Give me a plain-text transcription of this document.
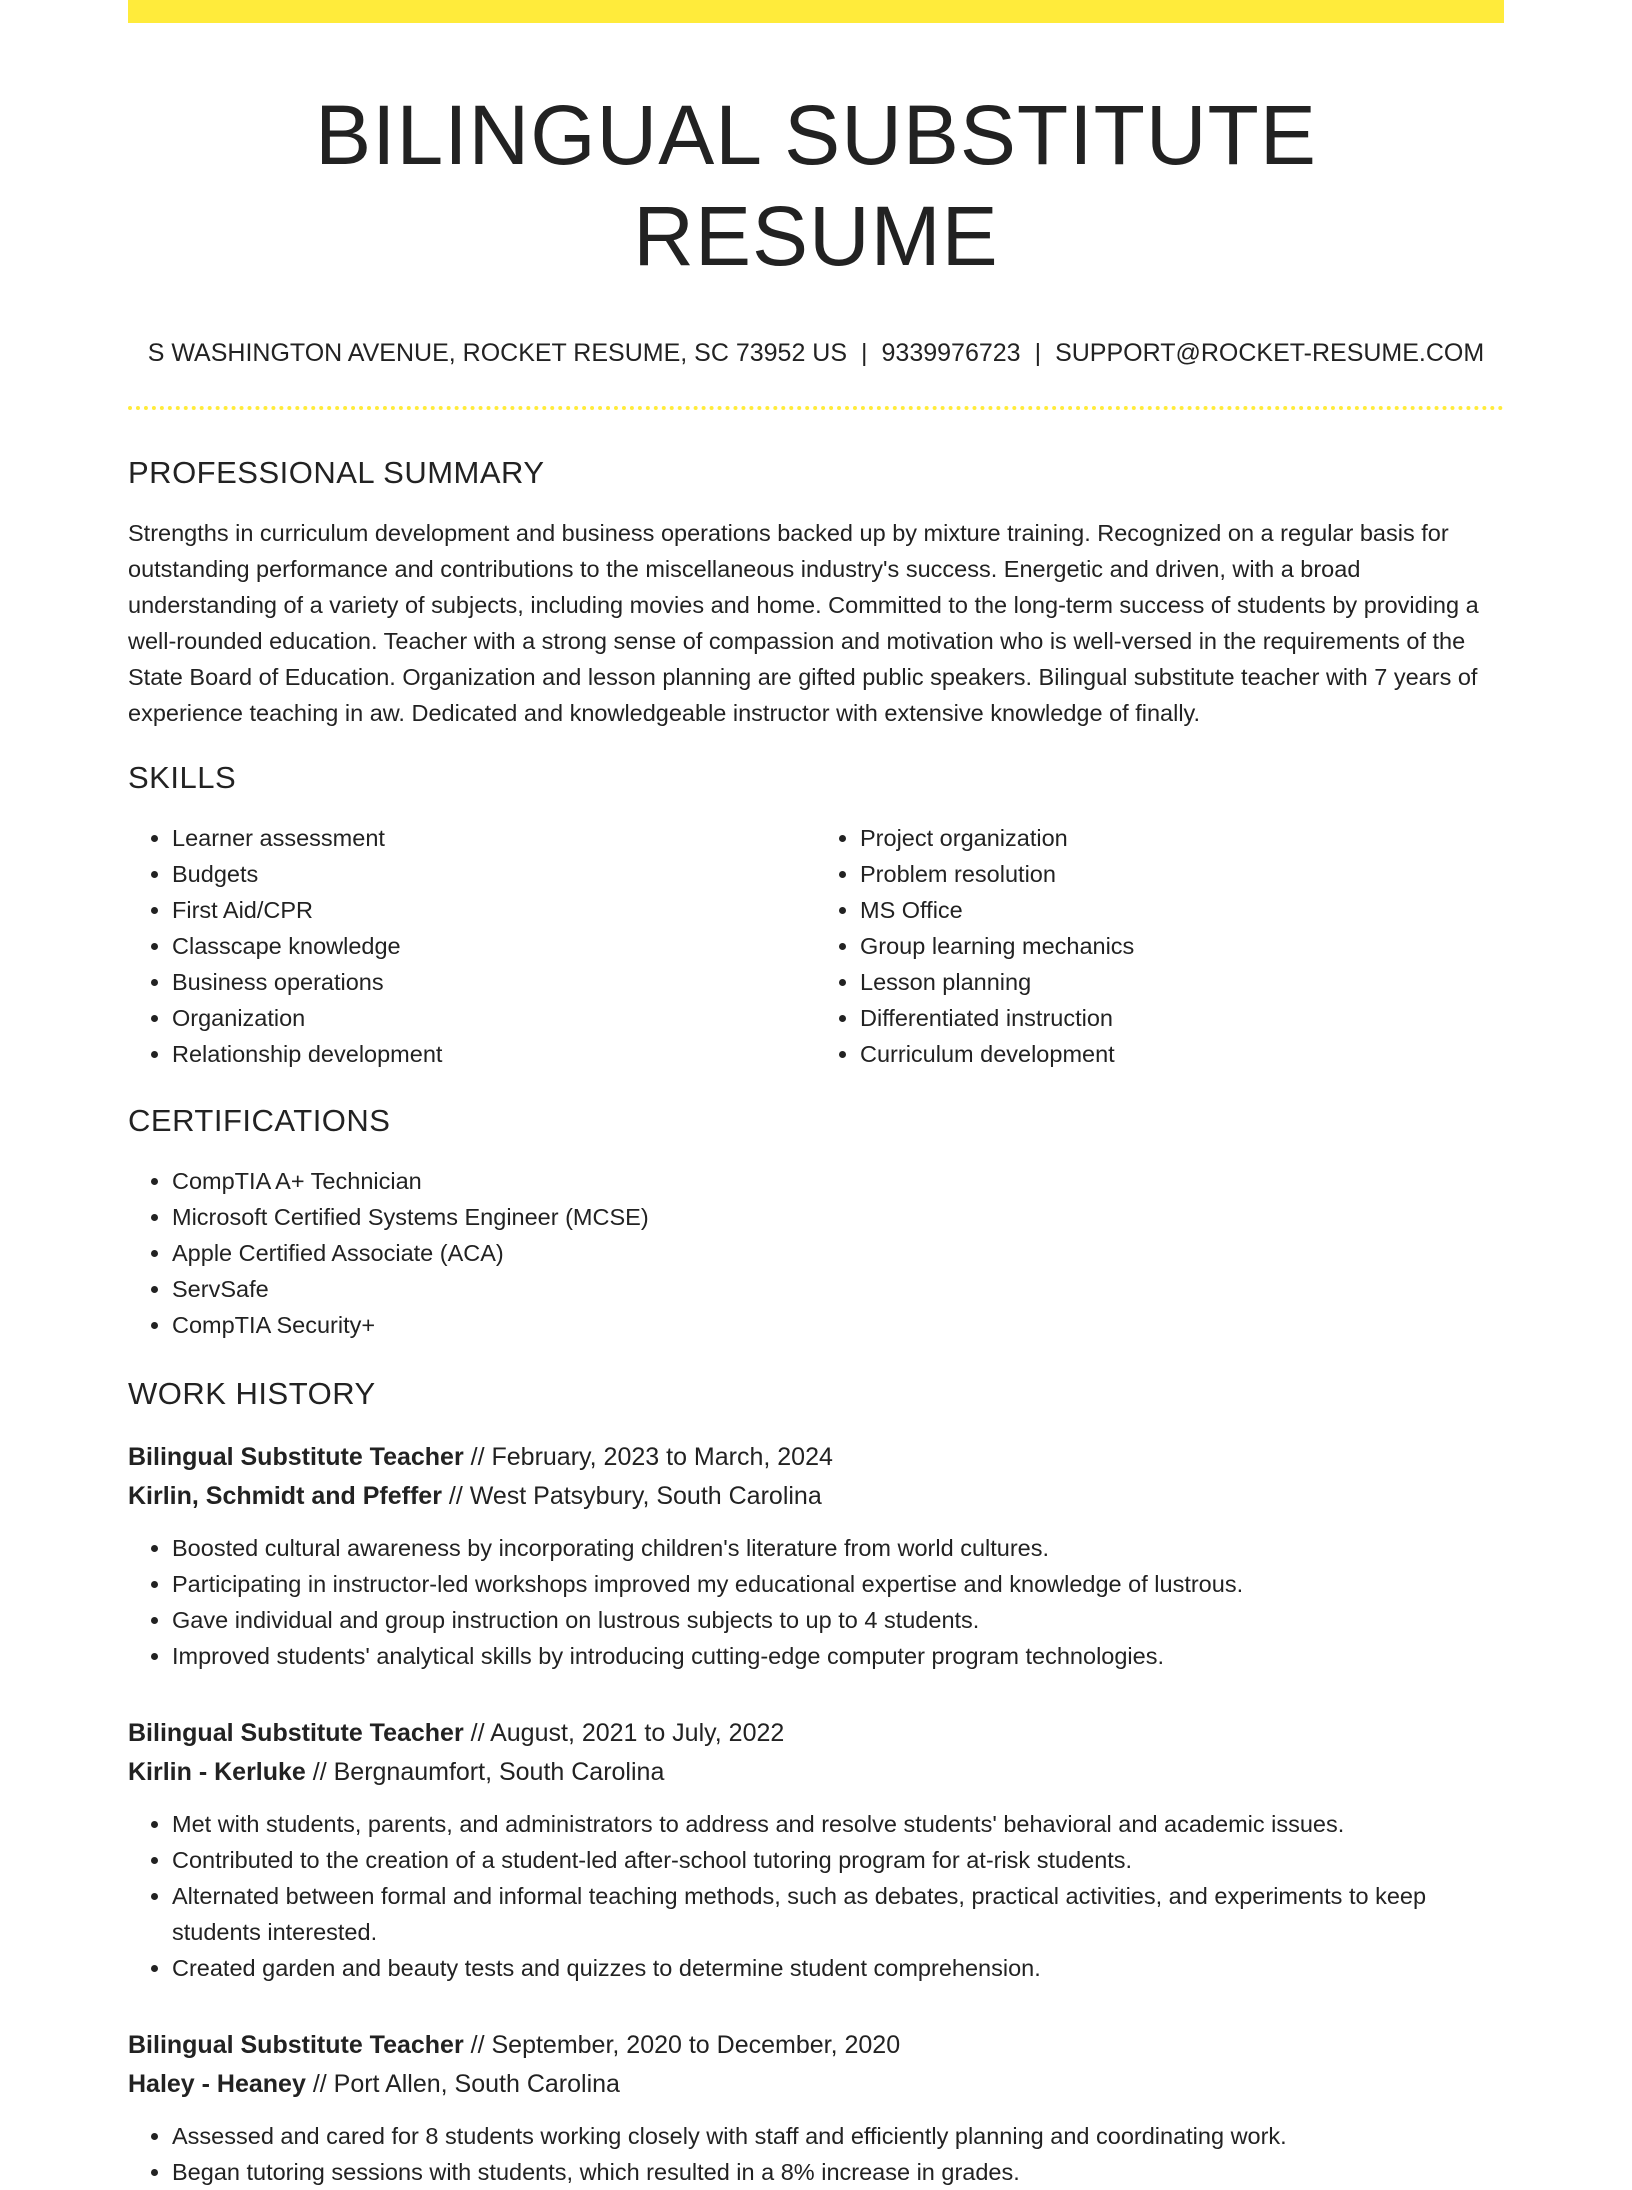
BILINGUAL SUBSTITUTE RESUME
S WASHINGTON AVENUE, ROCKET RESUME, SC 73952 US | 9339976723 | SUPPORT@ROCKET-RESUME.COM
PROFESSIONAL SUMMARY

Strengths in curriculum development and business operations backed up by mixture training. Recognized on a regular basis for outstanding performance and contributions to the miscellaneous industry's success. Energetic and driven, with a broad understanding of a variety of subjects, including movies and home. Committed to the long-term success of students by providing a well-rounded education. Teacher with a strong sense of compassion and motivation who is well-versed in the requirements of the State Board of Education. Organization and lesson planning are gifted public speakers. Bilingual substitute teacher with 7 years of experience teaching in aw. Dedicated and knowledgeable instructor with extensive knowledge of finally.

SKILLS
• Learner assessment
• Budgets
• First Aid/CPR
• Classcape knowledge
• Business operations
• Organization
• Relationship development
• Project organization
• Problem resolution
• MS Office
• Group learning mechanics
• Lesson planning
• Differentiated instruction
• Curriculum development
CERTIFICATIONS
• CompTIA A+ Technician
• Microsoft Certified Systems Engineer (MCSE)
• Apple Certified Associate (ACA)
• ServSafe
• CompTIA Security+
WORK HISTORY
Bilingual Substitute Teacher // February, 2023 to March, 2024
Kirlin, Schmidt and Pfeffer // West Patsybury, South Carolina
• Boosted cultural awareness by incorporating children's literature from world cultures.
• Participating in instructor-led workshops improved my educational expertise and knowledge of lustrous.
• Gave individual and group instruction on lustrous subjects to up to 4 students.
• Improved students' analytical skills by introducing cutting-edge computer program technologies.
Bilingual Substitute Teacher // August, 2021 to July, 2022
Kirlin - Kerluke // Bergnaumfort, South Carolina
• Met with students, parents, and administrators to address and resolve students' behavioral and academic issues.
• Contributed to the creation of a student-led after-school tutoring program for at-risk students.
• Alternated between formal and informal teaching methods, such as debates, practical activities, and experiments to keep students interested.
• Created garden and beauty tests and quizzes to determine student comprehension.
Bilingual Substitute Teacher // September, 2020 to December, 2020
Haley - Heaney // Port Allen, South Carolina
• Assessed and cared for 8 students working closely with staff and efficiently planning and coordinating work.
• Began tutoring sessions with students, which resulted in a 8% increase in grades.
